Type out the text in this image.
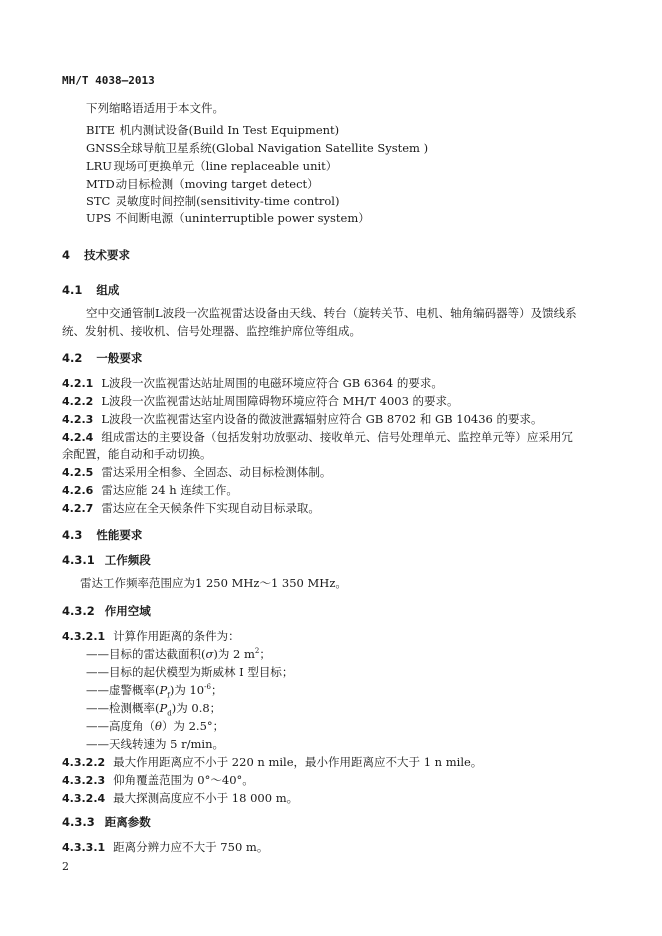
MH/T 4038—2013
下列缩略语适用于本文件。
BITE 机内测试设备(Build In Test Equipment)
GNSS 全球导航卫星系统(Global Navigation Satellite System )
LRU 现场可更换单元（line replaceable unit）
MTD 动目标检测（moving target detect）
STC 灵敏度时间控制(sensitivity-time control)
UPS 不间断电源（uninterruptible power system）
4 技术要求
4.1 组成
空中交通管制L波段一次监视雷达设备由天线、转台（旋转关节、电机、轴角编码器等）及馈线系
统、发射机、接收机、信号处理器、监控维护席位等组成。
4.2 一般要求
4.2.1 L波段一次监视雷达站址周围的电磁环境应符合 GB 6364 的要求。
4.2.2 L波段一次监视雷达站址周围障碍物环境应符合 MH/T 4003 的要求。
4.2.3 L波段一次监视雷达室内设备的微波泄露辐射应符合 GB 8702 和 GB 10436 的要求。
4.2.4 组成雷达的主要设备（包括发射功放驱动、接收单元、信号处理单元、监控单元等）应采用冗
余配置，能自动和手动切换。
4.2.5 雷达采用全相参、全固态、动目标检测体制。
4.2.6 雷达应能 24 h 连续工作。
4.2.7 雷达应在全天候条件下实现自动目标录取。
4.3 性能要求
4.3.1 工作频段
雷达工作频率范围应为1 250 MHz～1 350 MHz。
4.3.2 作用空域
4.3.2.1 计算作用距离的条件为：
——目标的雷达截面积(σ)为 2 $m^2$；
——目标的起伏模型为斯威林 I 型目标；
——虚警概率$(P_f)$为 $10^{-6}$；
——检测概率$(P_d)$为 0.8；
——高度角（θ）为 2.5°；
——天线转速为 5 r/min。
4.3.2.2 最大作用距离应不小于 220 n mile，最小作用距离应不大于 1 n mile。
4.3.2.3 仰角覆盖范围为 0°～40°。
4.3.2.4 最大探测高度应不小于 18 000 m。
4.3.3 距离参数
4.3.3.1 距离分辨力应不大于 750 m。
2
